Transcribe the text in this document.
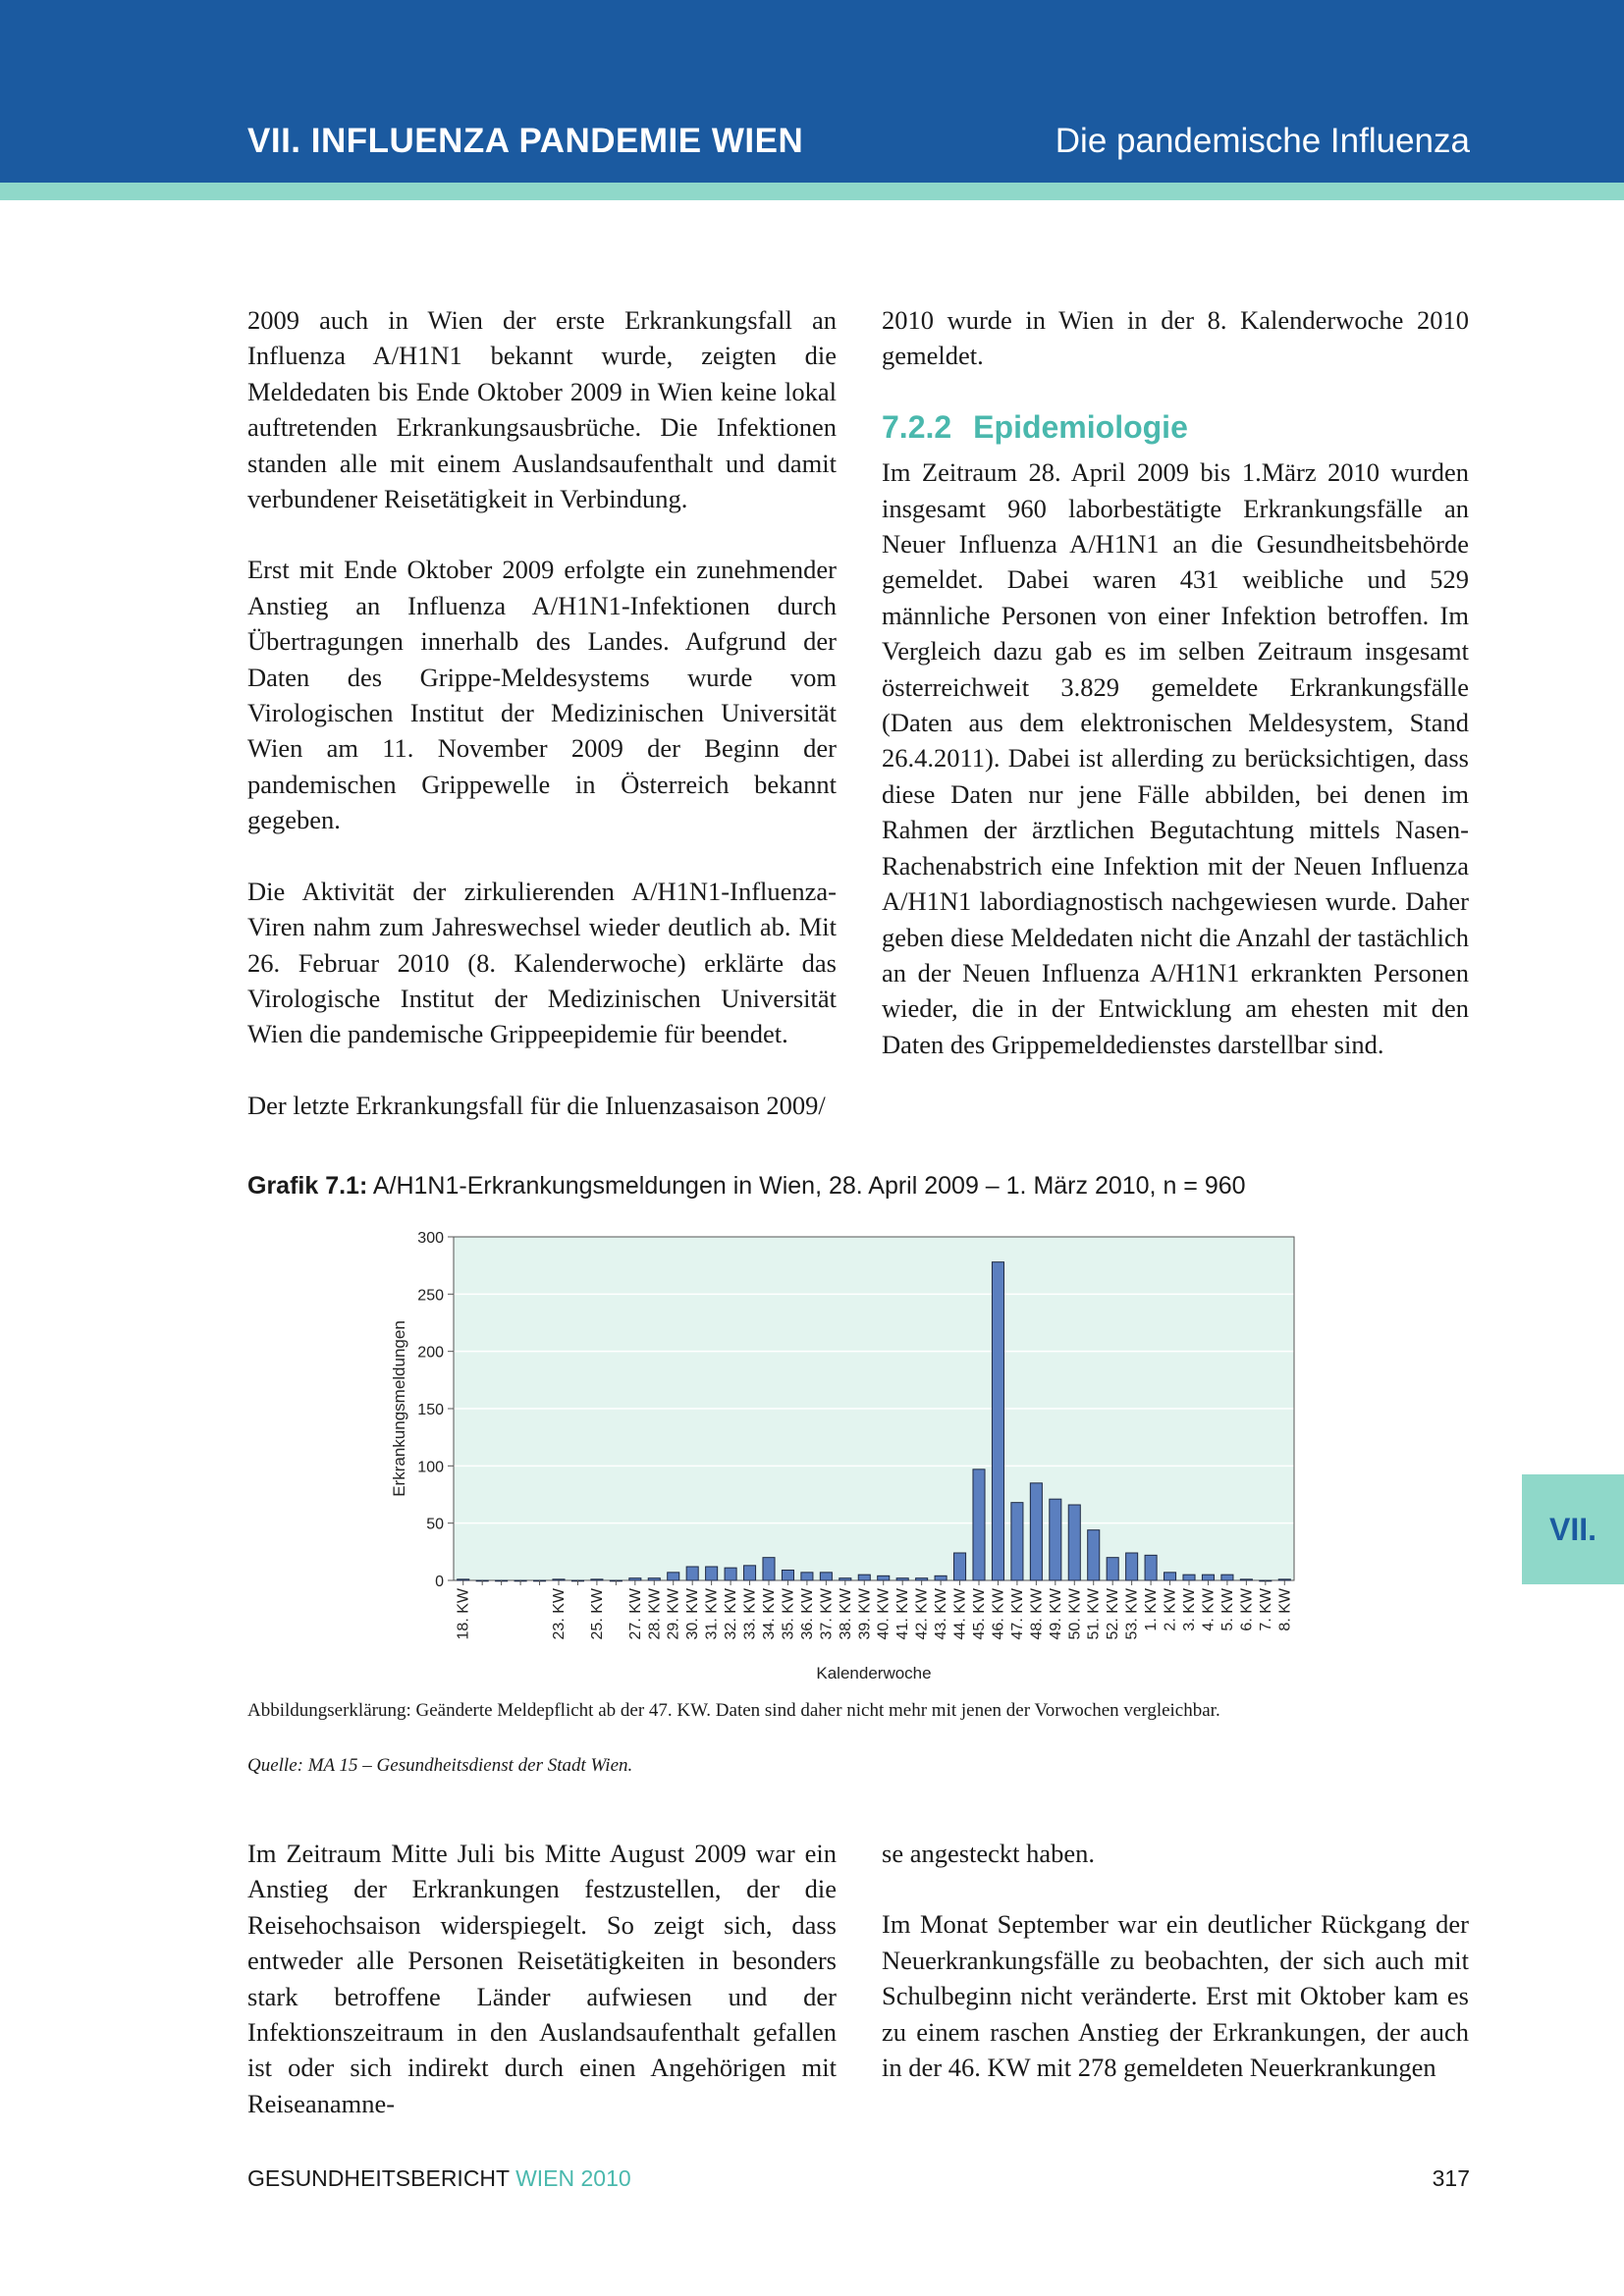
VII. INFLUENZA PANDEMIE WIEN	Die pandemische Influenza

2009 auch in Wien der erste Erkrankungsfall an Influenza A/H1N1 bekannt wurde, zeigten die Meldedaten bis Ende Oktober 2009 in Wien keine lokal auftretenden Erkrankungsausbrüche. Die Infektionen standen alle mit einem Auslandsaufenthalt und damit verbundener Reisetätigkeit in Verbindung.

Erst mit Ende Oktober 2009 erfolgte ein zunehmender Anstieg an Influenza A/H1N1-Infektionen durch Übertragungen innerhalb des Landes. Aufgrund der Daten des Grippe-Meldesystems wurde vom Virologischen Institut der Medizinischen Universität Wien am 11. November 2009 der Beginn der pandemischen Grippewelle in Österreich bekannt gegeben.

Die Aktivität der zirkulierenden A/H1N1-Influenza-Viren nahm zum Jahreswechsel wieder deutlich ab. Mit 26. Februar 2010 (8. Kalenderwoche) erklärte das Virologische Institut der Medizinischen Universität Wien die pandemische Grippeepidemie für beendet.

Der letzte Erkrankungsfall für die Inluenzasaison 2009/

2010 wurde in Wien in der 8. Kalenderwoche 2010 gemeldet.

7.2.2 Epidemiologie

Im Zeitraum 28. April 2009 bis 1.März 2010 wurden insgesamt 960 laborbestätigte Erkrankungsfälle an Neuer Influenza A/H1N1 an die Gesundheitsbehörde gemeldet. Dabei waren 431 weibliche und 529 männliche Personen von einer Infektion betroffen. Im Vergleich dazu gab es im selben Zeitraum insgesamt österreichweit 3.829 gemeldete Erkrankungsfälle (Daten aus dem elektronischen Meldesystem, Stand 26.4.2011). Dabei ist allerding zu berücksichtigen, dass diese Daten nur jene Fälle abbilden, bei denen im Rahmen der ärztlichen Begutachtung mittels Nasen-Rachenabstrich eine Infektion mit der Neuen Influenza A/H1N1 labordiagnostisch nachgewiesen wurde. Daher geben diese Meldedaten nicht die Anzahl der tastächlich an der Neuen Influenza A/H1N1 erkrankten Personen wieder, die in der Entwicklung am ehesten mit den Daten des Grippemeldedienstes darstellbar sind.

Grafik 7.1: A/H1N1-Erkrankungsmeldungen in Wien, 28. April 2009 – 1. März 2010, n = 960
0
50
100
150
200
250
300
18. KW	23. KW 25. KW 27. KW 28. KW 29. KW 30. KW 31. KW 32. KW 33. KW 34. KW 35. KW 36. KW 37. KW 38. KW 39. KW 40. KW 41. KW 42. KW 43. KW 44. KW 45. KW 46. KW 47. KW 48. KW 49. KW 50. KW 51. KW 52. KW 53. KW 1. KW 2. KW 3. KW 4. KW 5. KW 6. KW 7. KW 8. KW
Kalenderwoche
Erkrankungsmeldungen
Abbildungserklärung: Geänderte Meldepflicht ab der 47. KW. Daten sind daher nicht mehr mit jenen der Vorwochen vergleichbar.
Quelle: MA 15 – Gesundheitsdienst der Stadt Wien.

Im Zeitraum Mitte Juli bis Mitte August 2009 war ein Anstieg der Erkrankungen festzustellen, der die Reisehochsaison widerspiegelt. So zeigt sich, dass entweder alle Personen Reisetätigkeiten in besonders stark betroffene Länder aufwiesen und der Infektionszeitraum in den Auslandsaufenthalt gefallen ist oder sich indirekt durch einen Angehörigen mit Reiseanamne-

se angesteckt haben.

Im Monat September war ein deutlicher Rückgang der Neuerkrankungsfälle zu beobachten, der sich auch mit Schulbeginn nicht veränderte. Erst mit Oktober kam es zu einem raschen Anstieg der Erkrankungen, der auch in der 46. KW mit 278 gemeldeten Neuerkrankungen

VII.
GESUNDHEITSBERICHT WIEN 2010	317
